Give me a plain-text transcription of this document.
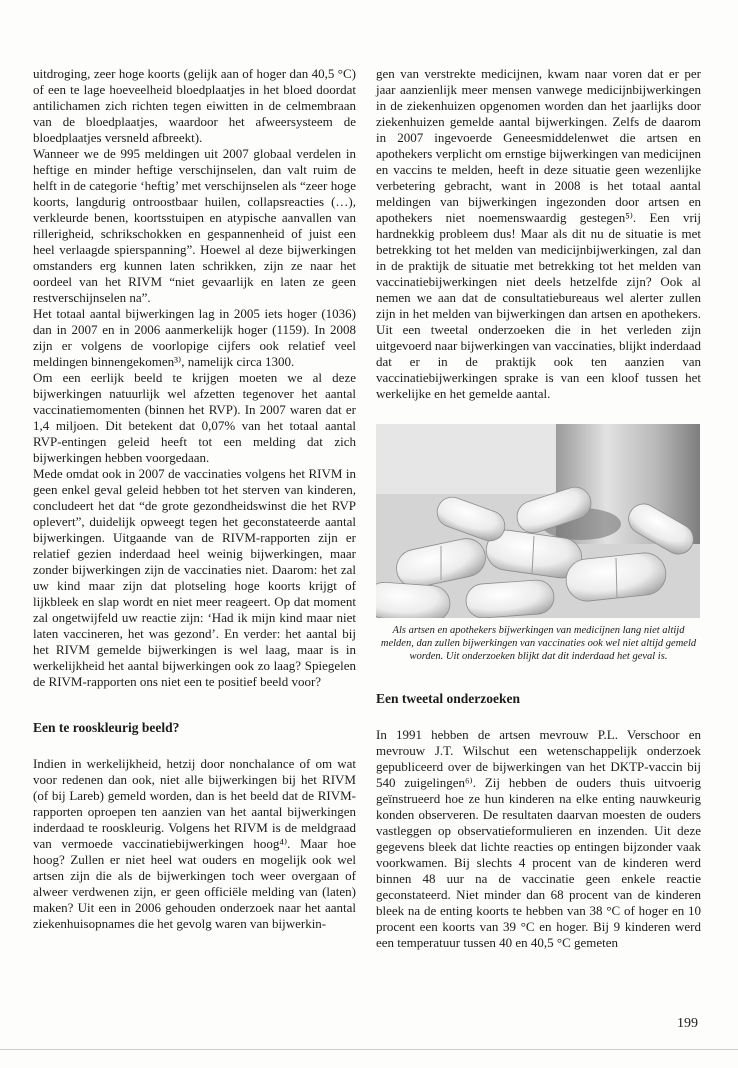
uitdroging, zeer hoge koorts (gelijk aan of hoger dan 40,5 °C) of een te lage hoeveelheid bloedplaatjes in het bloed doordat antilichamen zich richten tegen eiwitten in de celmembraan van de bloedplaatjes, waardoor het afweersysteem de bloedplaatjes versneld afbreekt).

Wanneer we de 995 meldingen uit 2007 globaal verdelen in heftige en minder heftige verschijnselen, dan valt ruim de helft in de categorie ‘heftig’ met verschijnselen als “zeer hoge koorts, langdurig ontroostbaar huilen, collapsreacties (…), verkleurde benen, koortsstuipen en atypische aanvallen van rillerigheid, schrikschokken en gespannenheid of juist een heel verlaagde spierspanning”. Hoewel al deze bijwerkingen omstanders erg kunnen laten schrikken, zijn ze naar het oordeel van het RIVM “niet gevaarlijk en laten ze geen restverschijnselen na”.

Het totaal aantal bijwerkingen lag in 2005 iets hoger (1036) dan in 2007 en in 2006 aanmerkelijk hoger (1159). In 2008 zijn er volgens de voorlopige cijfers ook relatief veel meldingen binnengekomen³⁾, namelijk circa 1300.

Om een eerlijk beeld te krijgen moeten we al deze bijwerkingen natuurlijk wel afzetten tegenover het aantal vaccinatiemomenten (binnen het RVP). In 2007 waren dat er 1,4 miljoen. Dit betekent dat 0,07% van het totaal aantal RVP-entingen geleid heeft tot een melding dat zich bijwerkingen hebben voorgedaan.

Mede omdat ook in 2007 de vaccinaties volgens het RIVM in geen enkel geval geleid hebben tot het sterven van kinderen, concludeert het dat “de grote gezondheidswinst die het RVP oplevert”, duidelijk opweegt tegen het geconstateerde aantal bijwerkingen. Uitgaande van de RIVM-rapporten zijn er relatief gezien inderdaad heel weinig bijwerkingen, maar zonder bijwerkingen zijn de vaccinaties niet. Daarom: het zal uw kind maar zijn dat plotseling hoge koorts krijgt of lijkbleek en slap wordt en niet meer reageert. Op dat moment zal ongetwijfeld uw reactie zijn: ‘Had ik mijn kind maar niet laten vaccineren, het was gezond’. En verder: het aantal bij het RIVM gemelde bijwerkingen is wel laag, maar is in werkelijkheid het aantal bijwerkingen ook zo laag? Spiegelen de RIVM-rapporten ons niet een te positief beeld voor?

Een te rooskleurig beeld?

Indien in werkelijkheid, hetzij door nonchalance of om wat voor redenen dan ook, niet alle bijwerkingen bij het RIVM (of bij Lareb) gemeld worden, dan is het beeld dat de RIVM-rapporten oproepen ten aanzien van het aantal bijwerkingen inderdaad te rooskleurig. Volgens het RIVM is de meldgraad van vermoede vaccinatiebijwerkingen hoog⁴⁾. Maar hoe hoog? Zullen er niet heel wat ouders en mogelijk ook wel artsen zijn die als de bijwerkingen toch weer overgaan of alweer verdwenen zijn, er geen officiële melding van (laten) maken? Uit een in 2006 gehouden onderzoek naar het aantal ziekenhuisopnames die het gevolg waren van bijwerkin-

gen van verstrekte medicijnen, kwam naar voren dat er per jaar aanzienlijk meer mensen vanwege medicijnbijwerkingen in de ziekenhuizen opgenomen worden dan het jaarlijks door ziekenhuizen gemelde aantal bijwerkingen. Zelfs de daarom in 2007 ingevoerde Geneesmiddelenwet die artsen en apothekers verplicht om ernstige bijwerkingen van medicijnen en vaccins te melden, heeft in deze situatie geen wezenlijke verbetering gebracht, want in 2008 is het totaal aantal meldingen van bijwerkingen ingezonden door artsen en apothekers niet noemenswaardig gestegen⁵⁾. Een vrij hardnekkig probleem dus! Maar als dit nu de situatie is met betrekking tot het melden van medicijnbijwerkingen, zal dan in de praktijk de situatie met betrekking tot het melden van vaccinatiebijwerkingen niet deels hetzelfde zijn? Ook al nemen we aan dat de consultatiebureaus wel alerter zullen zijn in het melden van bijwerkingen dan artsen en apothekers. Uit een tweetal onderzoeken die in het verleden zijn uitgevoerd naar bijwerkingen van vaccinaties, blijkt inderdaad dat er in de praktijk ook ten aanzien van vaccinatiebijwerkingen sprake is van een kloof tussen het werkelijke en het gemelde aantal.

Als artsen en apothekers bijwerkingen van medicijnen lang niet altijd melden, dan zullen bijwerkingen van vaccinaties ook wel niet altijd gemeld worden. Uit onderzoeken blijkt dat dit inderdaad het geval is.

Een tweetal onderzoeken

In 1991 hebben de artsen mevrouw P.L. Verschoor en mevrouw J.T. Wilschut een wetenschappelijk onderzoek gepubliceerd over de bijwerkingen van het DKTP-vaccin bij 540 zuigelingen⁶⁾. Zij hebben de ouders thuis uitvoerig geïnstrueerd hoe ze hun kinderen na elke enting nauwkeurig konden observeren. De resultaten daarvan moesten de ouders vastleggen op observatieformulieren en inzenden. Uit deze gegevens bleek dat lichte reacties op entingen bijzonder vaak voorkwamen. Bij slechts 4 procent van de kinderen werd binnen 48 uur na de vaccinatie geen enkele reactie geconstateerd. Niet minder dan 68 procent van de kinderen bleek na de enting koorts te hebben van 38 °C of hoger en 10 procent een koorts van 39 °C en hoger. Bij 9 kinderen werd een temperatuur tussen 40 en 40,5 °C gemeten

199
